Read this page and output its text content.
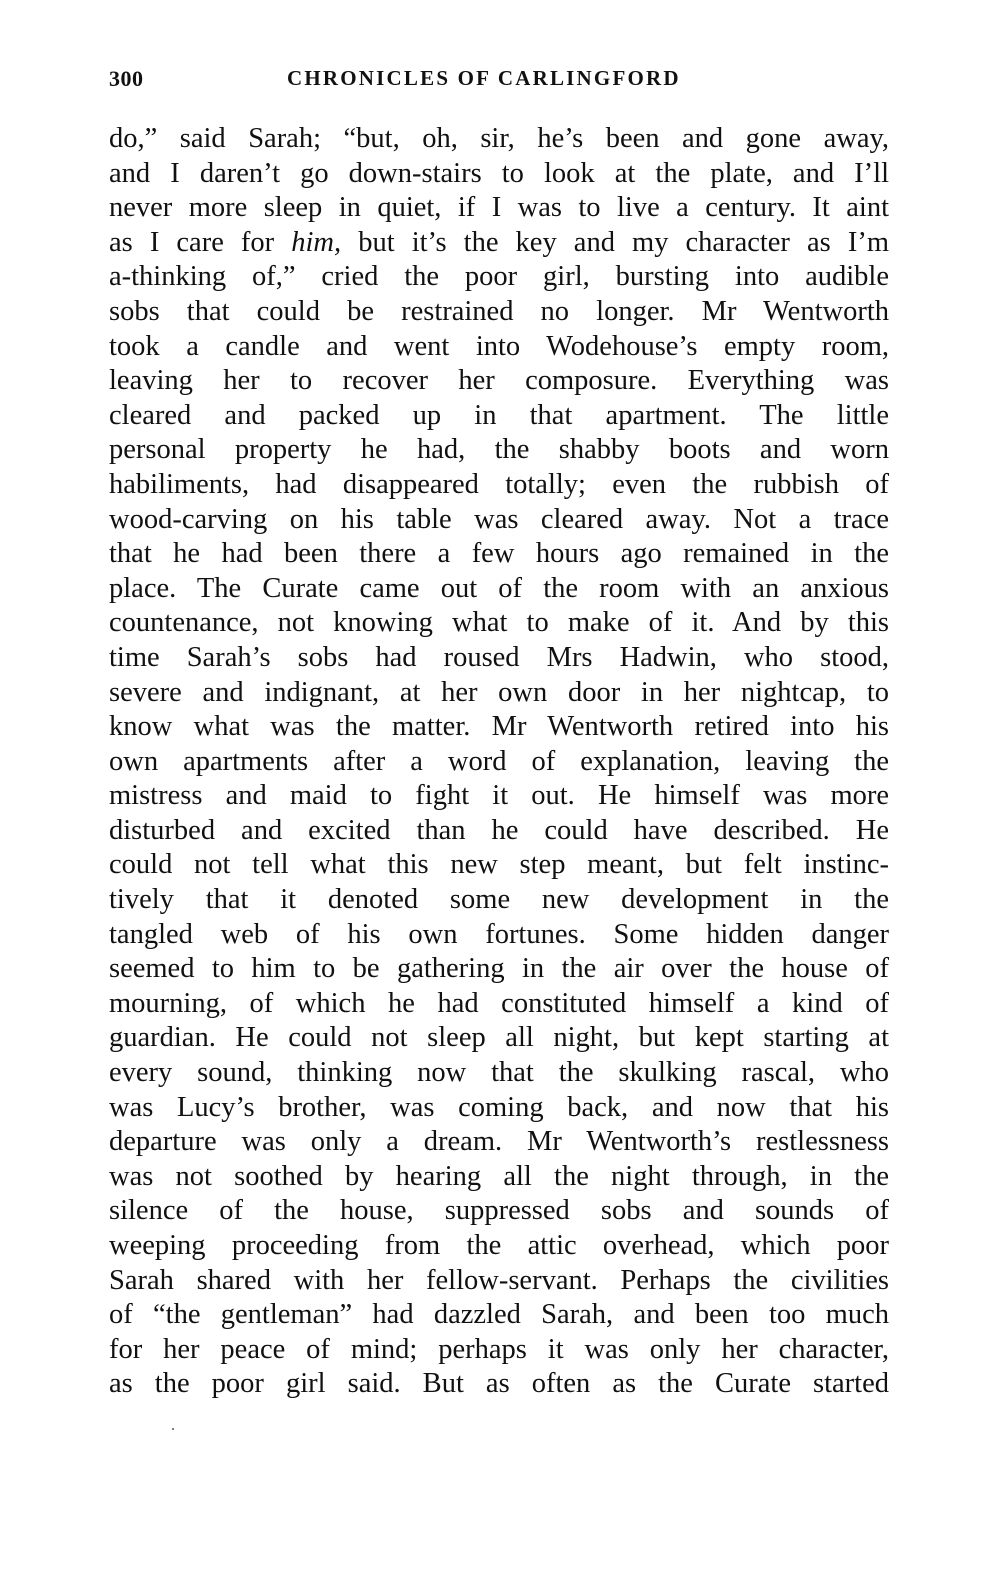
300	CHRONICLES OF CARLINGFORD
do,” said Sarah; “but, oh, sir, he’s been and gone away,
and I daren’t go down-stairs to look at the plate, and I’ll
never more sleep in quiet, if I was to live a century. It aint
as I care for him, but it’s the key and my character as I’m
a-thinking of,” cried the poor girl, bursting into audible
sobs that could be restrained no longer. Mr Wentworth
took a candle and went into Wodehouse’s empty room,
leaving her to recover her composure. Everything was
cleared and packed up in that apartment. The little
personal property he had, the shabby boots and worn
habiliments, had disappeared totally; even the rubbish of
wood-carving on his table was cleared away. Not a trace
that he had been there a few hours ago remained in the
place. The Curate came out of the room with an anxious
countenance, not knowing what to make of it. And by this
time Sarah’s sobs had roused Mrs Hadwin, who stood,
severe and indignant, at her own door in her nightcap, to
know what was the matter. Mr Wentworth retired into his
own apartments after a word of explanation, leaving the
mistress and maid to fight it out. He himself was more
disturbed and excited than he could have described. He
could not tell what this new step meant, but felt instinc-
tively that it denoted some new development in the
tangled web of his own fortunes. Some hidden danger
seemed to him to be gathering in the air over the house of
mourning, of which he had constituted himself a kind of
guardian. He could not sleep all night, but kept starting at
every sound, thinking now that the skulking rascal, who
was Lucy’s brother, was coming back, and now that his
departure was only a dream. Mr Wentworth’s restlessness
was not soothed by hearing all the night through, in the
silence of the house, suppressed sobs and sounds of
weeping proceeding from the attic overhead, which poor
Sarah shared with her fellow-servant. Perhaps the civilities
of “the gentleman” had dazzled Sarah, and been too much
for her peace of mind; perhaps it was only her character,
as the poor girl said. But as often as the Curate started
